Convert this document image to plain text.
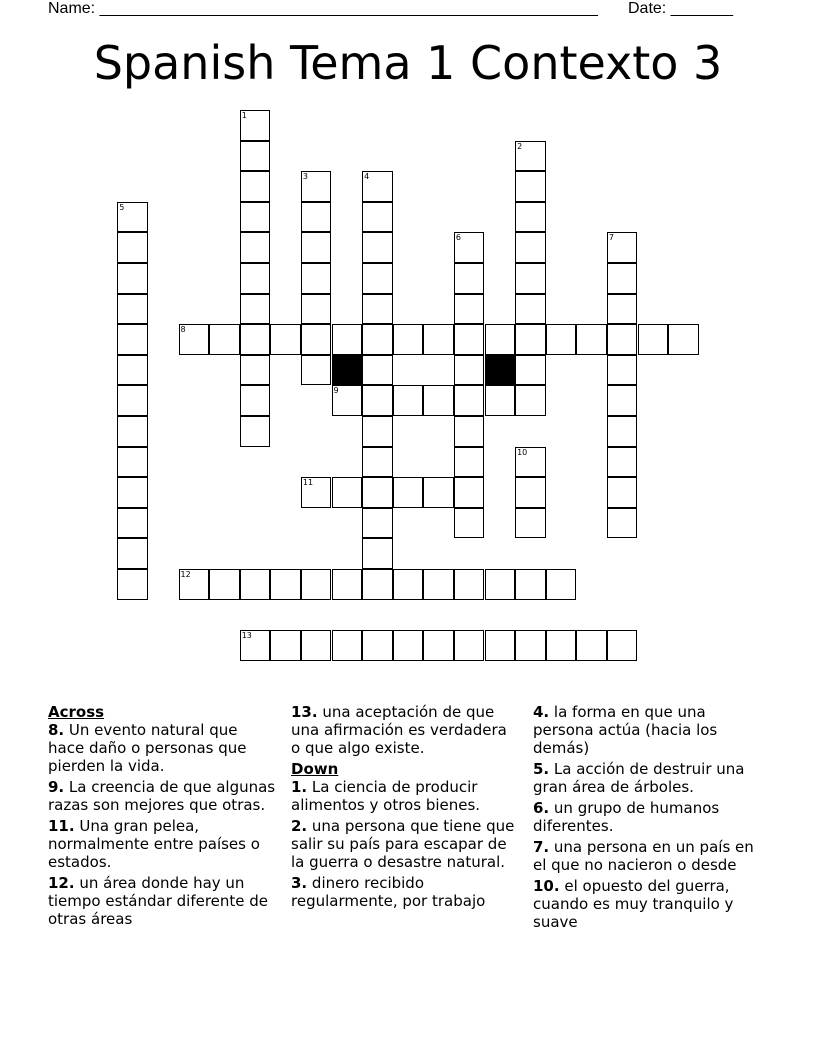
Name: ________________________________________________________ Date: _______
Spanish Tema 1 Contexto 3
1
2
3	4
5
6	7
10
8
9
11
12
13
Across
8. Un evento natural que hace daño o personas que pierden la vida.
9. La creencia de que algunas razas son mejores que otras.
11. Una gran pelea, normalmente entre países o estados.
12. un área donde hay un tiempo estándar diferente de otras áreas
13. una aceptación de que una afirmación es verdadera o que algo existe.
Down
1. La ciencia de producir alimentos y otros bienes.
2. una persona que tiene que salir su país para escapar de la guerra o desastre natural.
3. dinero recibido regularmente, por trabajo
4. la forma en que una persona actúa (hacia los demás)
5. La acción de destruir una gran área de árboles.
6. un grupo de humanos diferentes.
7. una persona en un país en el que no nacieron o desde
10. el opuesto del guerra, cuando es muy tranquilo y suave
